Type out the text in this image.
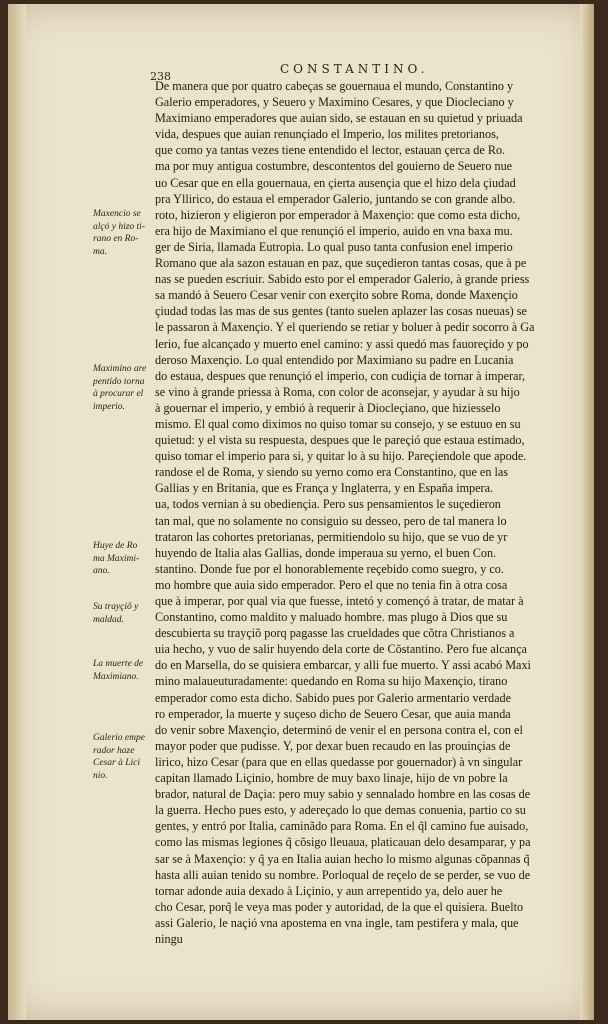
238
CONSTANTINO.
De manera que por quatro cabeças se gouernaua el mundo, Constantino y
Galerio emperadores, y Seuero y Maximino Cesares, y que Diocleciano y
Maximiano emperadores que auian sido, se estauan en su quietud y priuada
vida, despues que auian renunçiado el Imperio, los milites pretorianos,
que como ya tantas vezes tiene entendido el lector, estauan çerca de Ro.
ma por muy antigua costumbre, descontentos del gouierno de Seuero nue
uo Cesar que en ella gouernaua, en çierta ausençia que el hizo dela çiudad
pra Yllirico, do estaua el emperador Galerio, juntando se con grande albo.
roto, hizieron y eligieron por emperador à Maxençio: que como esta dicho,
era hijo de Maximiano el que renunçió el imperio, auido en vna baxa mu.
ger de Siria, llamada Eutropia. Lo qual puso tanta confusion enel imperio
Romano que ala sazon estauan en paz, que suçedieron tantas cosas, que à pe
nas se pueden escriuir. Sabido esto por el emperador Galerio, à grande priess
sa mandó à Seuero Cesar venir con exerçito sobre Roma, donde Maxençio
çiudad todas las mas de sus gentes (tanto suelen aplazer las cosas nueuas) se
le passaron à Maxençio. Y el queriendo se retiar y boluer à pedir socorro à Ga
lerio, fue alcançado y muerto enel camino: y assi quedó mas fauoreçido y po
deroso Maxençio. Lo qual entendido por Maximiano su padre en Lucania
do estaua, despues que renunçió el imperio, con cudiçia de tornar à imperar,
se vino à grande priessa à Roma, con color de aconsejar, y ayudar à su hijo
à gouernar el imperio, y embió à requerir à Diocleçiano, que hiziesselo
mismo. El qual como diximos no quiso tomar su consejo, y se estuuo en su
quietud: y el vista su respuesta, despues que le pareçió que estaua estimado,
quiso tomar el imperio para si, y quitar lo à su hijo. Pareçiendole que apode.
randose el de Roma, y siendo su yerno como era Constantino, que en las
Gallias y en Britania, que es França y Inglaterra, y en España impera.
ua, todos vernian à su obediençia. Pero sus pensamientos le suçedieron
tan mal, que no solamente no consiguio su desseo, pero de tal manera lo
trataron las cohortes pretorianas, permitiendolo su hijo, que se vuo de yr
huyendo de Italia alas Gallias, donde imperaua su yerno, el buen Con.
stantino. Donde fue por el honorablemente reçebido como suegro, y co.
mo hombre que auia sido emperador. Pero el que no tenia fin à otra cosa
que à imperar, por qual via que fuesse, intetó y començó à tratar, de matar à
Constantino, como maldito y maluado hombre. mas plugo à Dios que su
descubierta su trayçiõ porq pagasse las crueldades que cõtra Christianos a
uia hecho, y vuo de salir huyendo dela corte de Cõstantino. Pero fue alcança
do en Marsella, do se quisiera embarcar, y alli fue muerto. Y assi acabó Maxi
mino malaueuturadamente: quedando en Roma su hijo Maxençio, tirano
emperador como esta dicho. Sabido pues por Galerio armentario verdade
ro emperador, la muerte y suçeso dicho de Seuero Cesar, que auia manda
do venir sobre Maxençio, determinó de venir el en persona contra el, con el
mayor poder que pudisse. Y, por dexar buen recaudo en las prouinçias de
lirico, hizo Cesar (para que en ellas quedasse por gouernador) à vn singular
capitan llamado Liçinio, hombre de muy baxo linaje, hijo de vn pobre la
brador, natural de Daçia: pero muy sabio y sennalado hombre en las cosas de
la guerra. Hecho pues esto, y adereçado lo que demas conuenia, partio co su
gentes, y entró por Italia, caminãdo para Roma. En el q̃l camino fue auisado,
como las mismas legiones q̃ cõsigo lleuaua, platicauan delo desamparar, y pa
sar se à Maxençio: y q̃ ya en Italia auian hecho lo mismo algunas cõpannas q̃
hasta alli auian tenido su nombre. Porloqual de reçelo de se perder, se vuo de
tornar adonde auia dexado à Liçinio, y aun arrepentido ya, delo auer he
cho Cesar, porq̃ le veya mas poder y autoridad, de la que el quisiera. Buelto
assi Galerio, le naçió vna apostema en vna ingle, tam pestifera y mala, que
ningu
Maxencio se
alçó y hizo ti-
rano en Ro-
ma.
Maximino are
pentido torna
à procurar el
imperio.
Huye de Ro
ma Maximi-
ano.
Su trayçiõ y
maldad.
La muerte de
Maximiano.
Galerio empe
rador haze
Cesar à Lici
nio.
